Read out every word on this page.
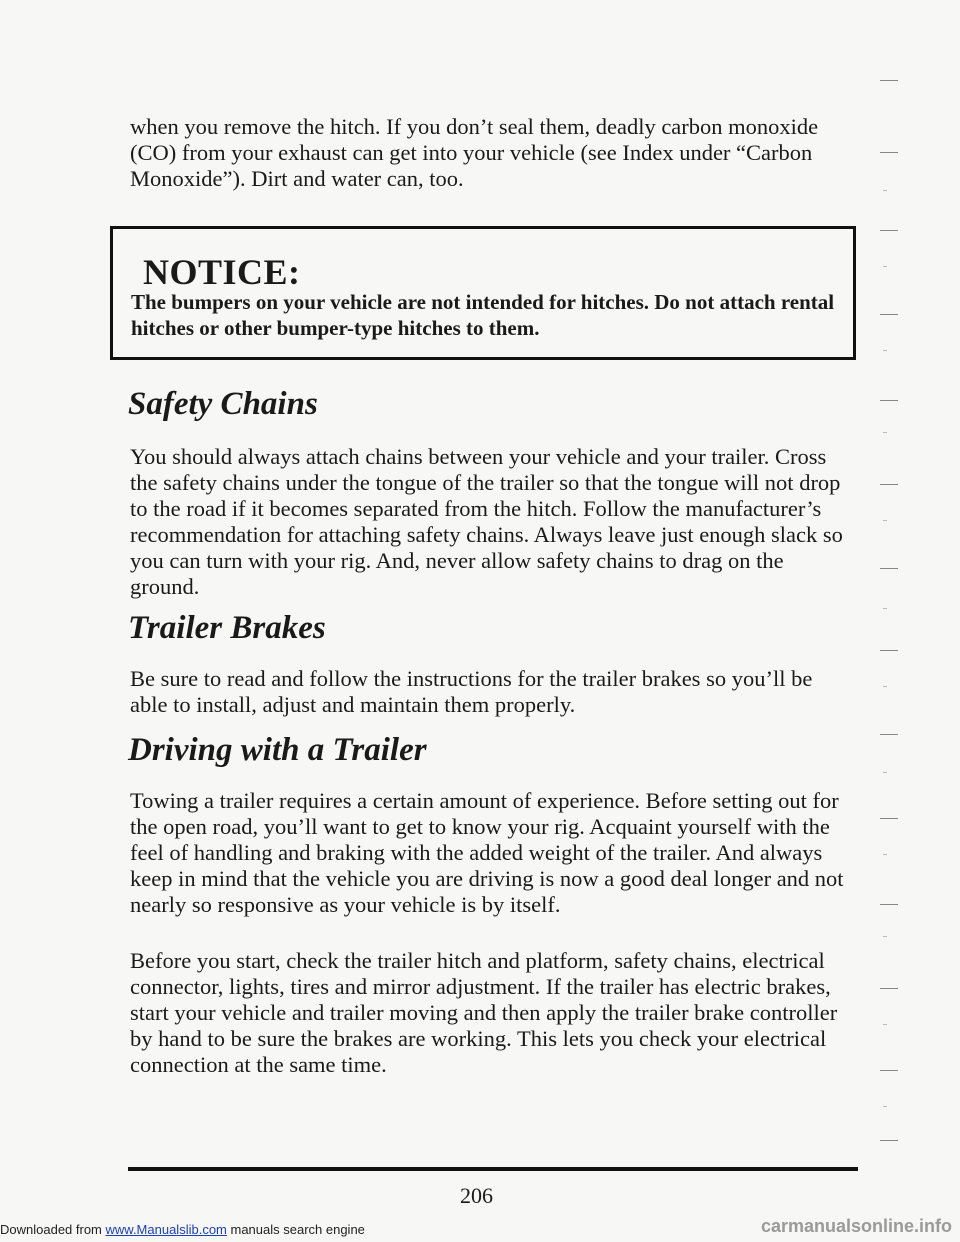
when you remove the hitch. If you don’t seal them, deadly carbon monoxide (CO) from your exhaust can get into your vehicle (see Index under “Carbon Monoxide”). Dirt and water can, too.

NOTICE:

The bumpers on your vehicle are not intended for hitches. Do not attach rental hitches or other bumper-type hitches to them.

Safety Chains

You should always attach chains between your vehicle and your trailer. Cross the safety chains under the tongue of the trailer so that the tongue will not drop to the road if it becomes separated from the hitch. Follow the manufacturer’s recommendation for attaching safety chains. Always leave just enough slack so you can turn with your rig. And, never allow safety chains to drag on the ground.

Trailer Brakes

Be sure to read and follow the instructions for the trailer brakes so you’ll be able to install, adjust and maintain them properly.

Driving with a Trailer

Towing a trailer requires a certain amount of experience. Before setting out for the open road, you’ll want to get to know your rig. Acquaint yourself with the feel of handling and braking with the added weight of the trailer. And always keep in mind that the vehicle you are driving is now a good deal longer and not nearly so responsive as your vehicle is by itself.

Before you start, check the trailer hitch and platform, safety chains, electrical connector, lights, tires and mirror adjustment. If the trailer has electric brakes, start your vehicle and trailer moving and then apply the trailer brake controller by hand to be sure the brakes are working. This lets you check your electrical connection at the same time.

206

Downloaded from www.Manualslib.com manuals search engine	carmanualsonline.info
